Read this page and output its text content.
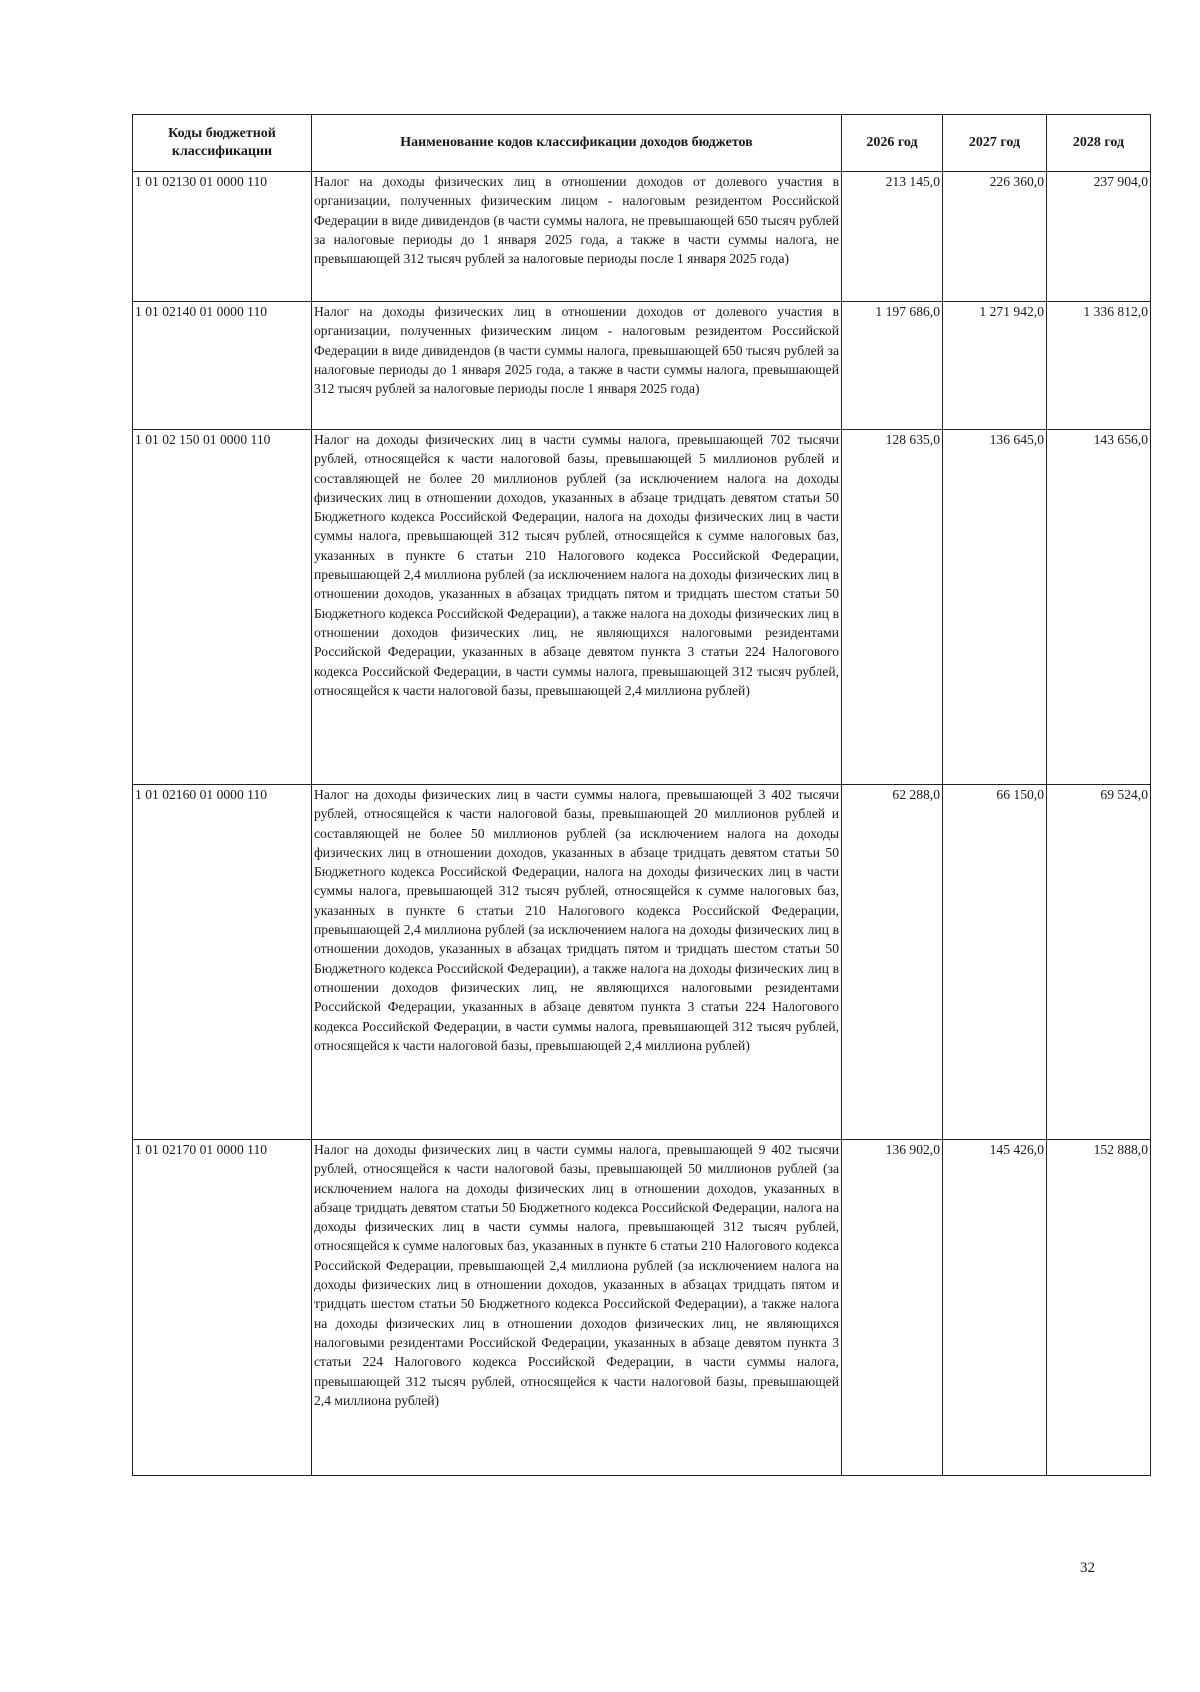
Коды бюджетной классификации	Наименование кодов классификации доходов бюджетов	2026 год	2027 год	2028 год
1 01 02130 01 0000 110	Налог на доходы физических лиц в отношении доходов от долевого участия в организации, полученных физическим лицом - налоговым резидентом Российской Федерации в виде дивидендов (в части суммы налога, не превышающей 650 тысяч рублей за налоговые периоды до 1 января 2025 года, а также в части суммы налога, не превышающей 312 тысяч рублей за налоговые периоды после 1 января 2025 года)	213 145,0	226 360,0	237 904,0
1 01 02140 01 0000 110	Налог на доходы физических лиц в отношении доходов от долевого участия в организации, полученных физическим лицом - налоговым резидентом Российской Федерации в виде дивидендов (в части суммы налога, превышающей 650 тысяч рублей за налоговые периоды до 1 января 2025 года, а также в части суммы налога, превышающей 312 тысяч рублей за налоговые периоды после 1 января 2025 года)	1 197 686,0	1 271 942,0	1 336 812,0
1 01 02 150 01 0000 110	Налог на доходы физических лиц в части суммы налога, превышающей 702 тысячи рублей, относящейся к части налоговой базы, превышающей 5 миллионов рублей и составляющей не более 20 миллионов рублей (за исключением налога на доходы физических лиц в отношении доходов, указанных в абзаце тридцать девятом статьи 50 Бюджетного кодекса Российской Федерации, налога на доходы физических лиц в части суммы налога, превышающей 312 тысяч рублей, относящейся к сумме налоговых баз, указанных в пункте 6 статьи 210 Налогового кодекса Российской Федерации, превышающей 2,4 миллиона рублей (за исключением налога на доходы физических лиц в отношении доходов, указанных в абзацах тридцать пятом и тридцать шестом статьи 50 Бюджетного кодекса Российской Федерации), а также налога на доходы физических лиц в отношении доходов физических лиц, не являющихся налоговыми резидентами Российской Федерации, указанных в абзаце девятом пункта 3 статьи 224 Налогового кодекса Российской Федерации, в части суммы налога, превышающей 312 тысяч рублей, относящейся к части налоговой базы, превышающей 2,4 миллиона рублей)	128 635,0	136 645,0	143 656,0
1 01 02160 01 0000 110	Налог на доходы физических лиц в части суммы налога, превышающей 3 402 тысячи рублей, относящейся к части налоговой базы, превышающей 20 миллионов рублей и составляющей не более 50 миллионов рублей (за исключением налога на доходы физических лиц в отношении доходов, указанных в абзаце тридцать девятом статьи 50 Бюджетного кодекса Российской Федерации, налога на доходы физических лиц в части суммы налога, превышающей 312 тысяч рублей, относящейся к сумме налоговых баз, указанных в пункте 6 статьи 210 Налогового кодекса Российской Федерации, превышающей 2,4 миллиона рублей (за исключением налога на доходы физических лиц в отношении доходов, указанных в абзацах тридцать пятом и тридцать шестом статьи 50 Бюджетного кодекса Российской Федерации), а также налога на доходы физических лиц в отношении доходов физических лиц, не являющихся налоговыми резидентами Российской Федерации, указанных в абзаце девятом пункта 3 статьи 224 Налогового кодекса Российской Федерации, в части суммы налога, превышающей 312 тысяч рублей, относящейся к части налоговой базы, превышающей 2,4 миллиона рублей)	62 288,0	66 150,0	69 524,0
1 01 02170 01 0000 110	Налог на доходы физических лиц в части суммы налога, превышающей 9 402 тысячи рублей, относящейся к части налоговой базы, превышающей 50 миллионов рублей (за исключением налога на доходы физических лиц в отношении доходов, указанных в абзаце тридцать девятом статьи 50 Бюджетного кодекса Российской Федерации, налога на доходы физических лиц в части суммы налога, превышающей 312 тысяч рублей, относящейся к сумме налоговых баз, указанных в пункте 6 статьи 210 Налогового кодекса Российской Федерации, превышающей 2,4 миллиона рублей (за исключением налога на доходы физических лиц в отношении доходов, указанных в абзацах тридцать пятом и тридцать шестом статьи 50 Бюджетного кодекса Российской Федерации), а также налога на доходы физических лиц в отношении доходов физических лиц, не являющихся налоговыми резидентами Российской Федерации, указанных в абзаце девятом пункта 3 статьи 224 Налогового кодекса Российской Федерации, в части суммы налога, превышающей 312 тысяч рублей, относящейся к части налоговой базы, превышающей 2,4 миллиона рублей)	136 902,0	145 426,0	152 888,0
32
